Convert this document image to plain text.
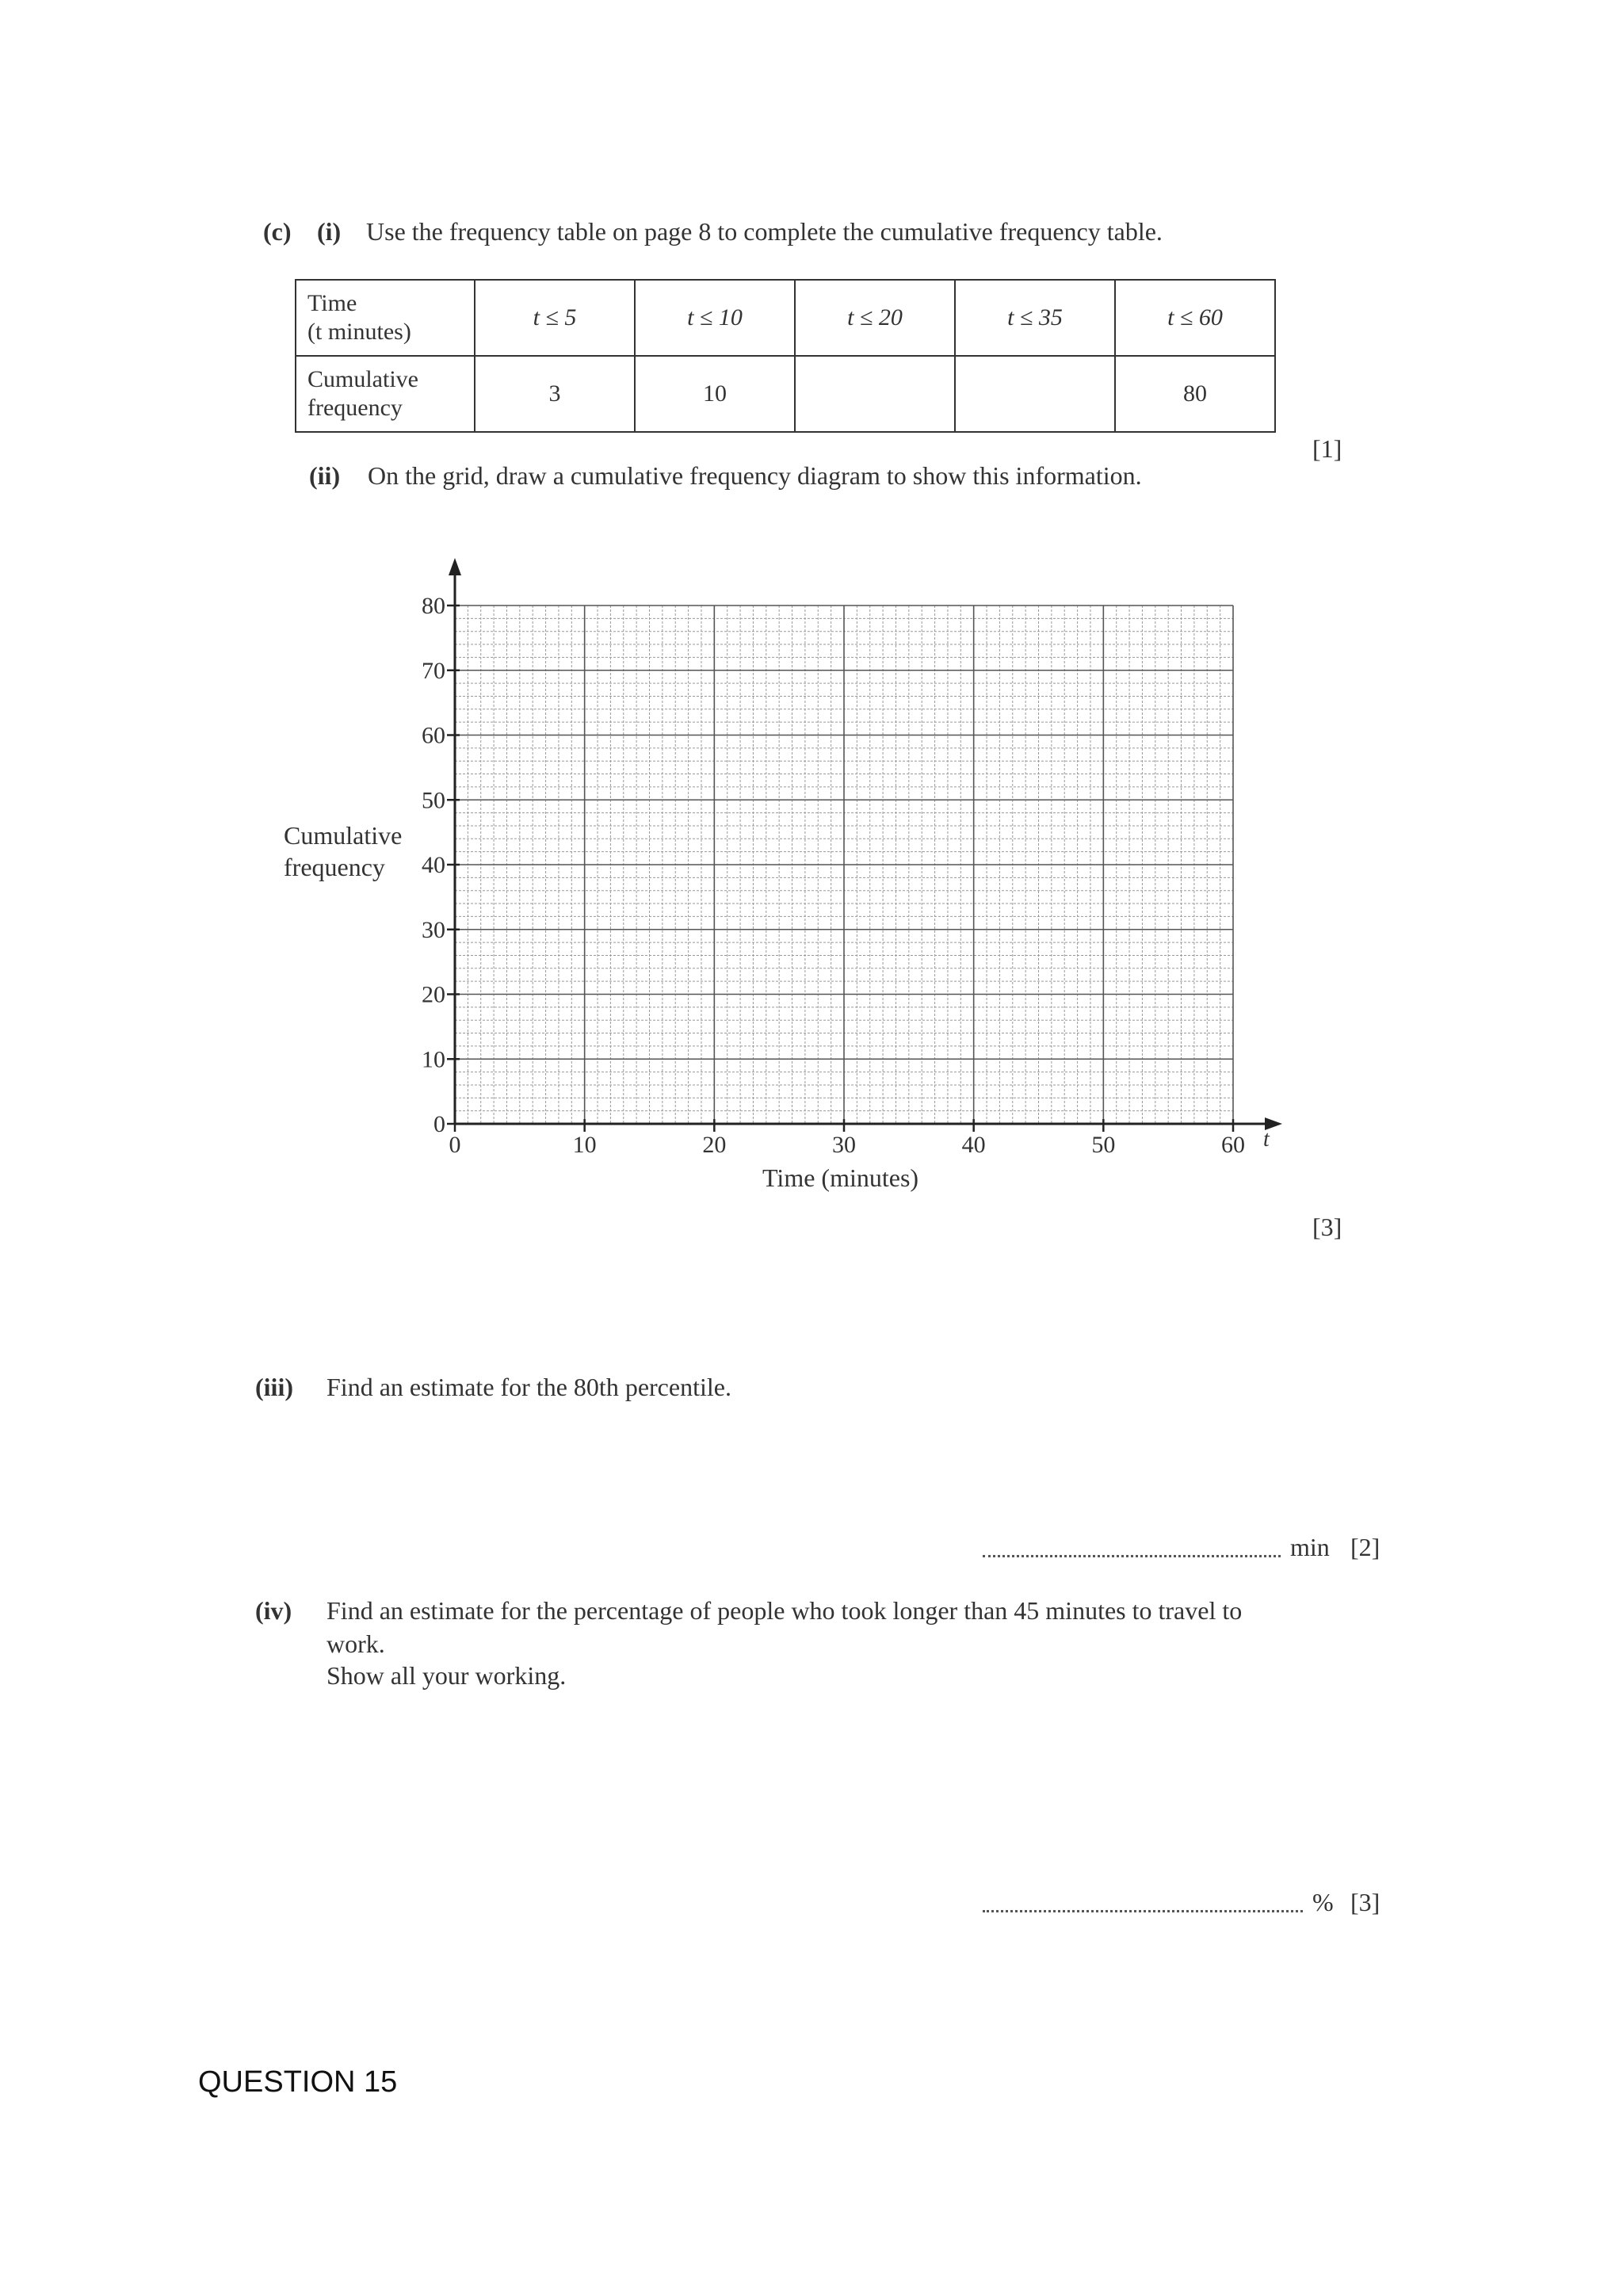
(c) (i) Use the frequency table on page 8 to complete the cumulative frequency table.
Time
(t minutes)	t ≤ 5	t ≤ 10	t ≤ 20	t ≤ 35	t ≤ 60
Cumulative
frequency	3	10			80
[1]
(ii) On the grid, draw a cumulative frequency diagram to show this information.
0
10
20
30
40
50
60
70
80
0	10	20	30	40	50	60
Cumulative
frequency
Time (minutes)
t
[3]
(iii) Find an estimate for the 80th percentile.
min [2]
(iv) Find an estimate for the percentage of people who took longer than 45 minutes to travel to
work.
Show all your working.
% [3]
QUESTION 15
